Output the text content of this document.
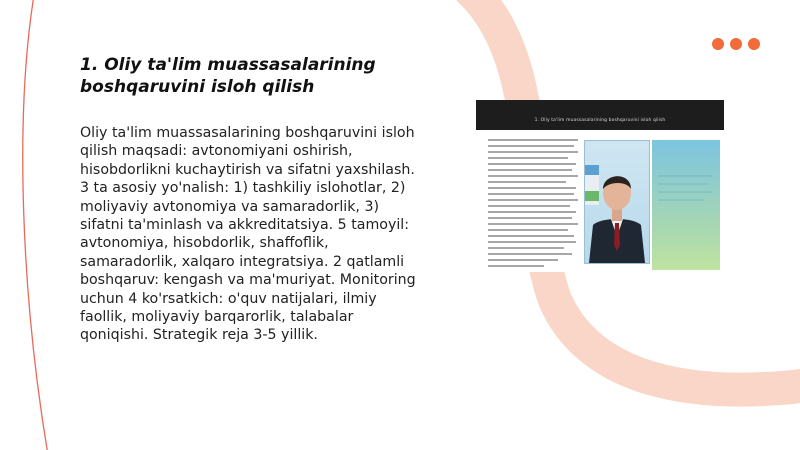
1. Oliy ta'lim muassasalarining boshqaruvini isloh qilish

Oliy ta'lim muassasalarining boshqaruvini isloh qilish maqsadi: avtonomiyani oshirish, hisobdorlikni kuchaytirish va sifatni yaxshilash. 3 ta asosiy yo'nalish: 1) tashkiliy islohotlar, 2) moliyaviy avtonomiya va samaradorlik, 3) sifatni ta'minlash va akkreditatsiya. 5 tamoyil: avtonomiya, hisobdorlik, shaffoflik, samaradorlik, xalqaro integratsiya. 2 qatlamli boshqaruv: kengash va ma'muriyat. Monitoring uchun 4 ko'rsatkich: o'quv natijalari, ilmiy faollik, moliyaviy barqarorlik, talabalar qoniqishi. Strategik reja 3-5 yillik.

1. Oliy ta'lim muassasalarining boshqaruvini isloh qilish
